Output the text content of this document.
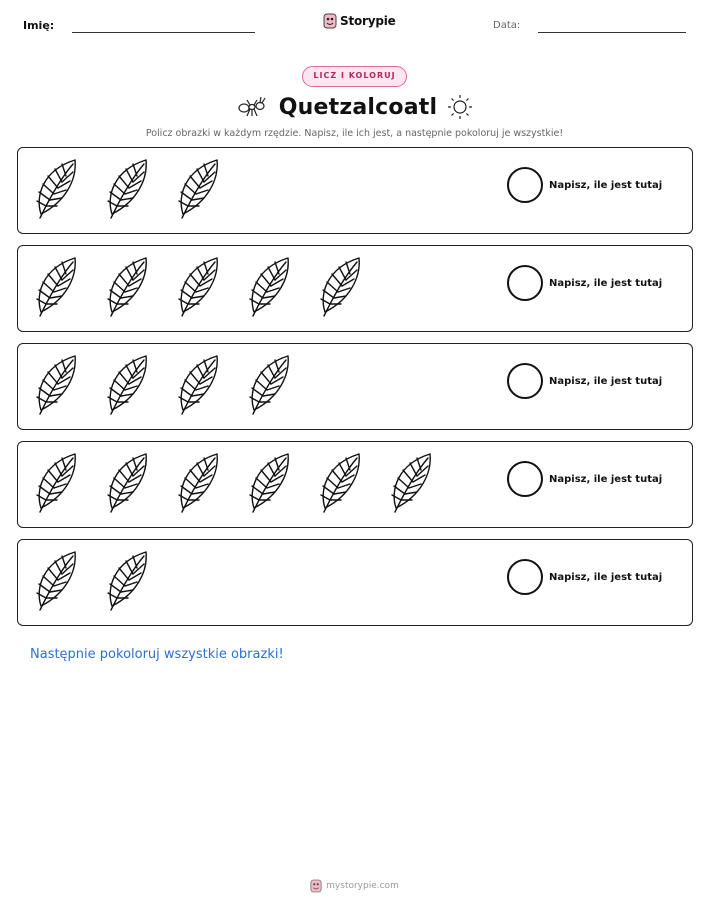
Imię:	Storypie	Data:
LICZ I KOLORUJ
Quetzalcoatl
Policz obrazki w każdym rzędzie. Napisz, ile ich jest, a następnie pokoloruj je wszystkie!
Napisz, ile jest tutaj
Napisz, ile jest tutaj
Napisz, ile jest tutaj
Napisz, ile jest tutaj
Napisz, ile jest tutaj
Następnie pokoloruj wszystkie obrazki!
mystorypie.com
